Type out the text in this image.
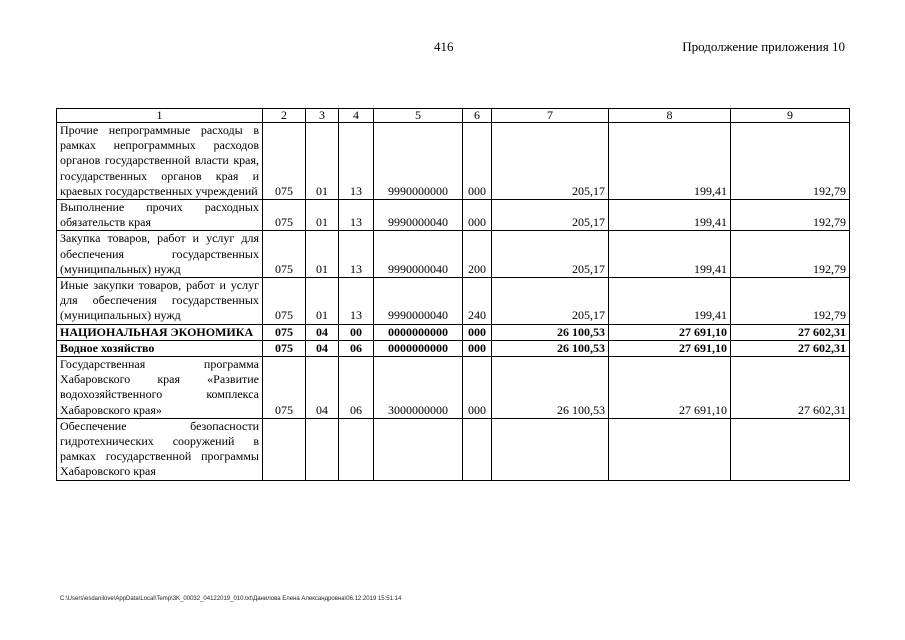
416	Продолжение приложения 10
1	2	3	4	5	6	7	8	9
Прочие непрограммные расходы в рамках непрограммных расходов органов государственной власти края, государственных органов края и краевых государственных учреждений	075	01	13	9990000000	000	205,17	199,41	192,79
Выполнение прочих расходных обязательств края	075	01	13	9990000040	000	205,17	199,41	192,79
Закупка товаров, работ и услуг для обеспечения государственных (муниципальных) нужд	075	01	13	9990000040	200	205,17	199,41	192,79
Иные закупки товаров, работ и услуг для обеспечения государственных (муниципальных) нужд	075	01	13	9990000040	240	205,17	199,41	192,79
НАЦИОНАЛЬНАЯ ЭКОНОМИКА	075	04	00	0000000000	000	26 100,53	27 691,10	27 602,31
Водное хозяйство	075	04	06	0000000000	000	26 100,53	27 691,10	27 602,31
Государственная программа Хабаровского края «Развитие водохозяйственного комплекса Хабаровского края»	075	04	06	3000000000	000	26 100,53	27 691,10	27 602,31
Обеспечение безопасности гидротехнических сооружений в рамках государственной программы Хабаровского края								
C:\Users\esdanilove\AppData\Local\Temp\3K_00032_04122019_010.txt\Данилова Елена Александровна\06.12.2019 15:51:14
